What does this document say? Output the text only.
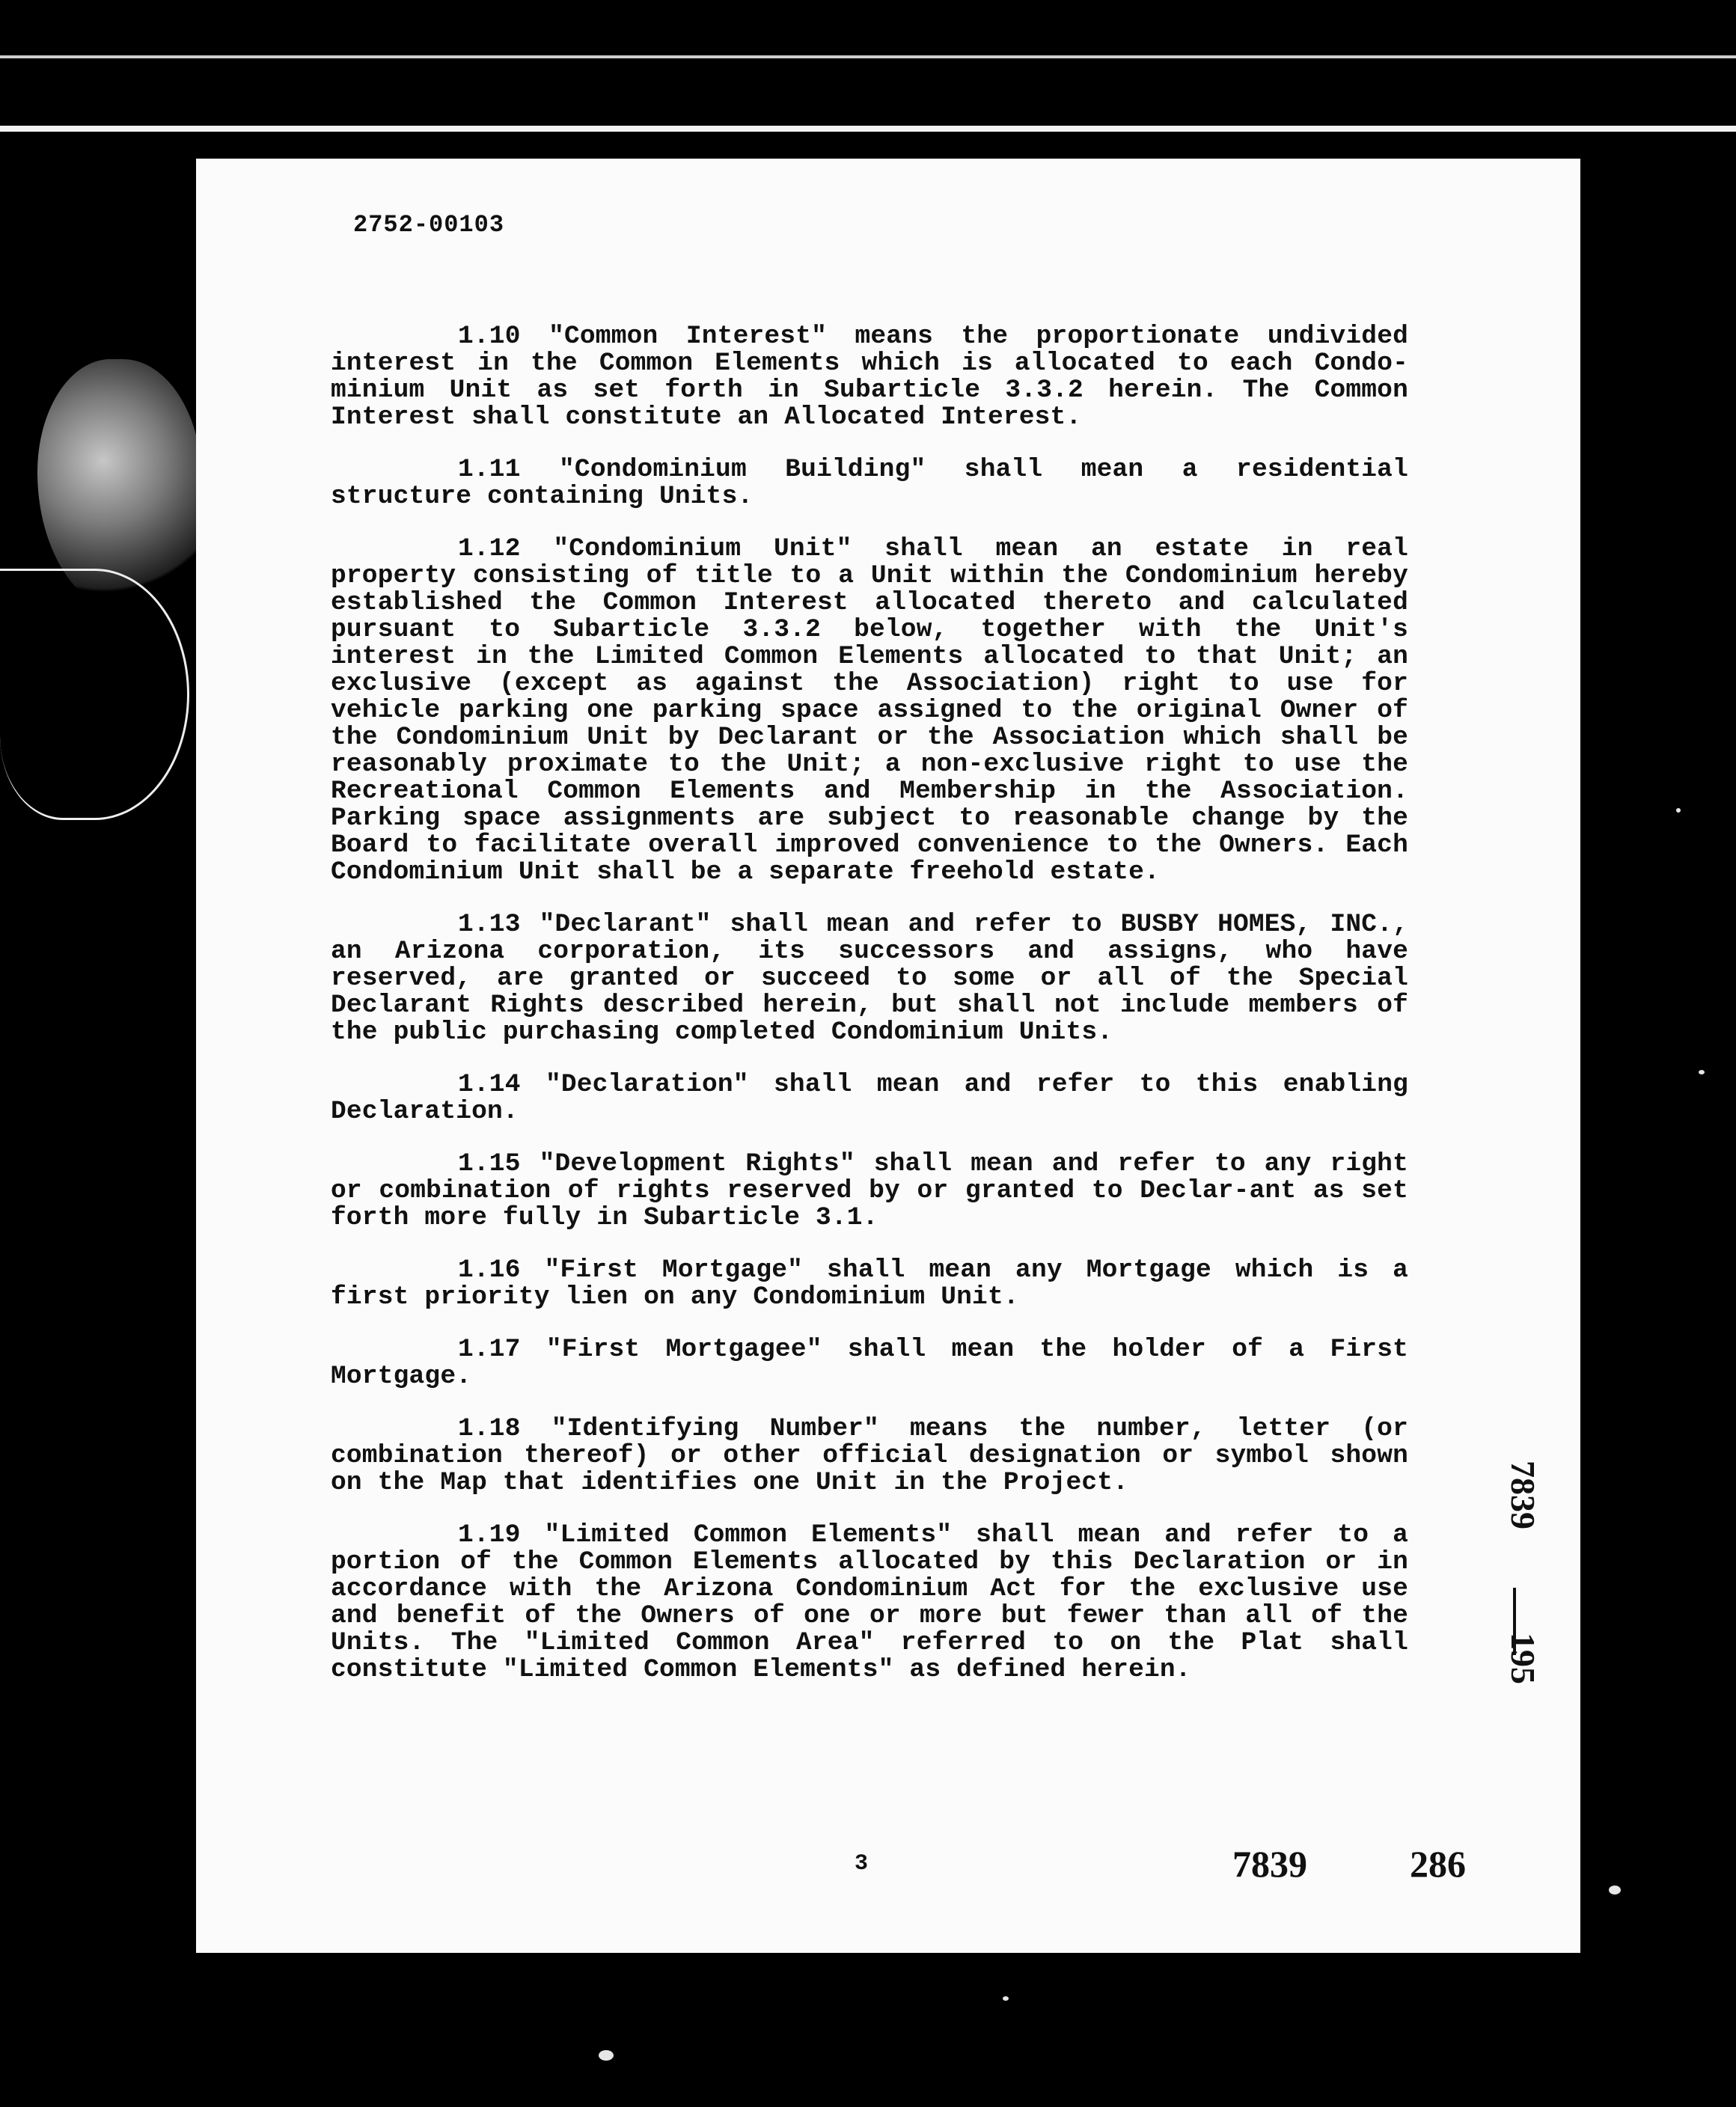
2752-00103

1.10 "Common Interest" means the proportionate undivided interest in the Common Elements which is allocated to each Condo-minium Unit as set forth in Subarticle 3.3.2 herein. The Common Interest shall constitute an Allocated Interest.

1.11 "Condominium Building" shall mean a residential structure containing Units.

1.12 "Condominium Unit" shall mean an estate in real property consisting of title to a Unit within the Condominium hereby established the Common Interest allocated thereto and calculated pursuant to Subarticle 3.3.2 below, together with the Unit's interest in the Limited Common Elements allocated to that Unit; an exclusive (except as against the Association) right to use for vehicle parking one parking space assigned to the original Owner of the Condominium Unit by Declarant or the Association which shall be reasonably proximate to the Unit; a non-exclusive right to use the Recreational Common Elements and Membership in the Association. Parking space assignments are subject to reasonable change by the Board to facilitate overall improved convenience to the Owners. Each Condominium Unit shall be a separate freehold estate.

1.13 "Declarant" shall mean and refer to BUSBY HOMES, INC., an Arizona corporation, its successors and assigns, who have reserved, are granted or succeed to some or all of the Special Declarant Rights described herein, but shall not include members of the public purchasing completed Condominium Units.

1.14 "Declaration" shall mean and refer to this enabling Declaration.

1.15 "Development Rights" shall mean and refer to any right or combination of rights reserved by or granted to Declar-ant as set forth more fully in Subarticle 3.1.

1.16 "First Mortgage" shall mean any Mortgage which is a first priority lien on any Condominium Unit.

1.17 "First Mortgagee" shall mean the holder of a First Mortgage.

1.18 "Identifying Number" means the number, letter (or combination thereof) or other official designation or symbol shown on the Map that identifies one Unit in the Project.

1.19 "Limited Common Elements" shall mean and refer to a portion of the Common Elements allocated by this Declaration or in accordance with the Arizona Condominium Act for the exclusive use and benefit of the Owners of one or more but fewer than all of the Units. The "Limited Common Area" referred to on the Plat shall constitute "Limited Common Elements" as defined herein.

7839
195
3	7839	286
